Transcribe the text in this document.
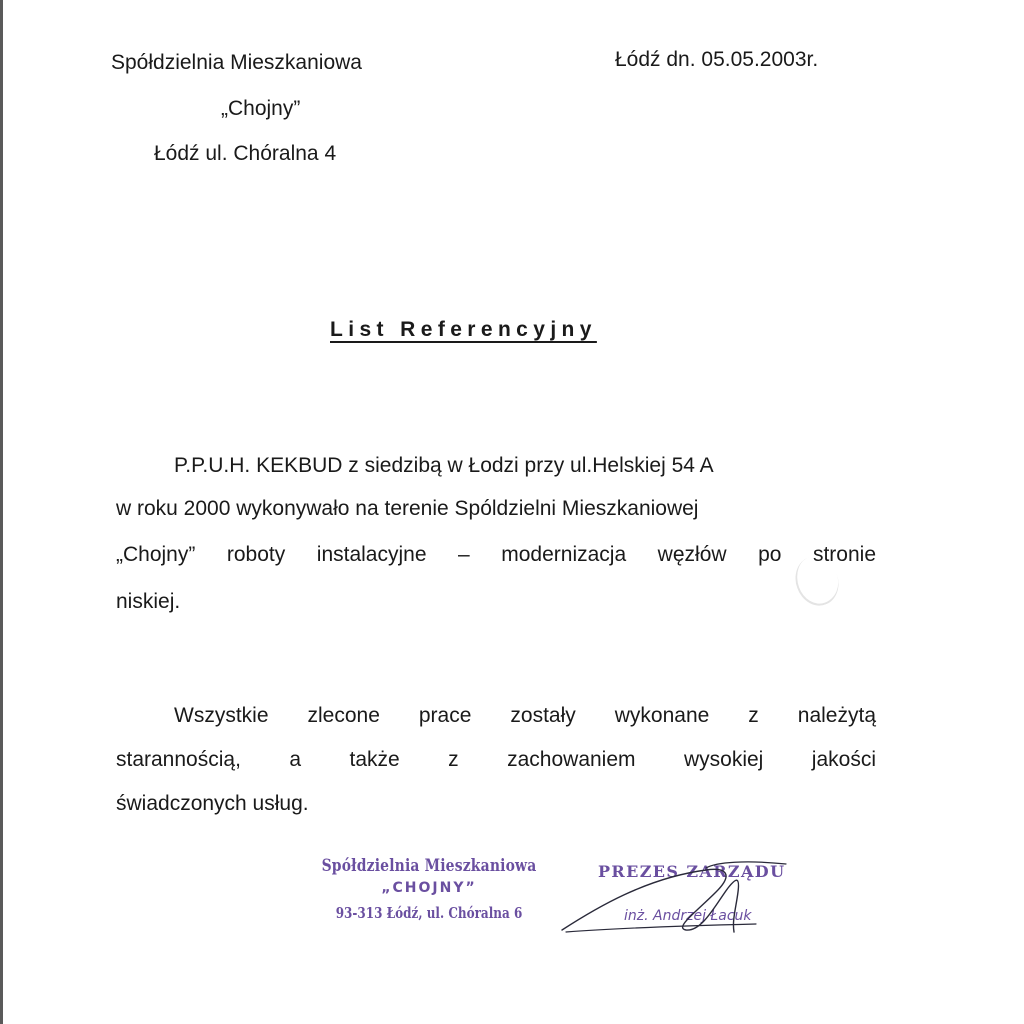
Spółdzielnia Mieszkaniowa
„Chojny”
Łódź ul. Chóralna 4
Łódź dn. 05.05.2003r.
List Referencyjny
P.P.U.H. KEKBUD z siedzibą w Łodzi przy ul.Helskiej 54 A
w roku 2000 wykonywało na terenie Spóldzielni Mieszkaniowej
„Chojny” roboty instalacyjne – modernizacja węzłów po stronie
niskiej.
Wszystkie zlecone prace zostały wykonane z należytą
starannością, a także z zachowaniem wysokiej jakości
świadczonych usług.
Spółdzielnia Mieszkaniowa
„CHOJNY”
93-313 Łódź, ul. Chóralna 6
PREZES ZARZĄDU
inż. Andrzej Łacuk
